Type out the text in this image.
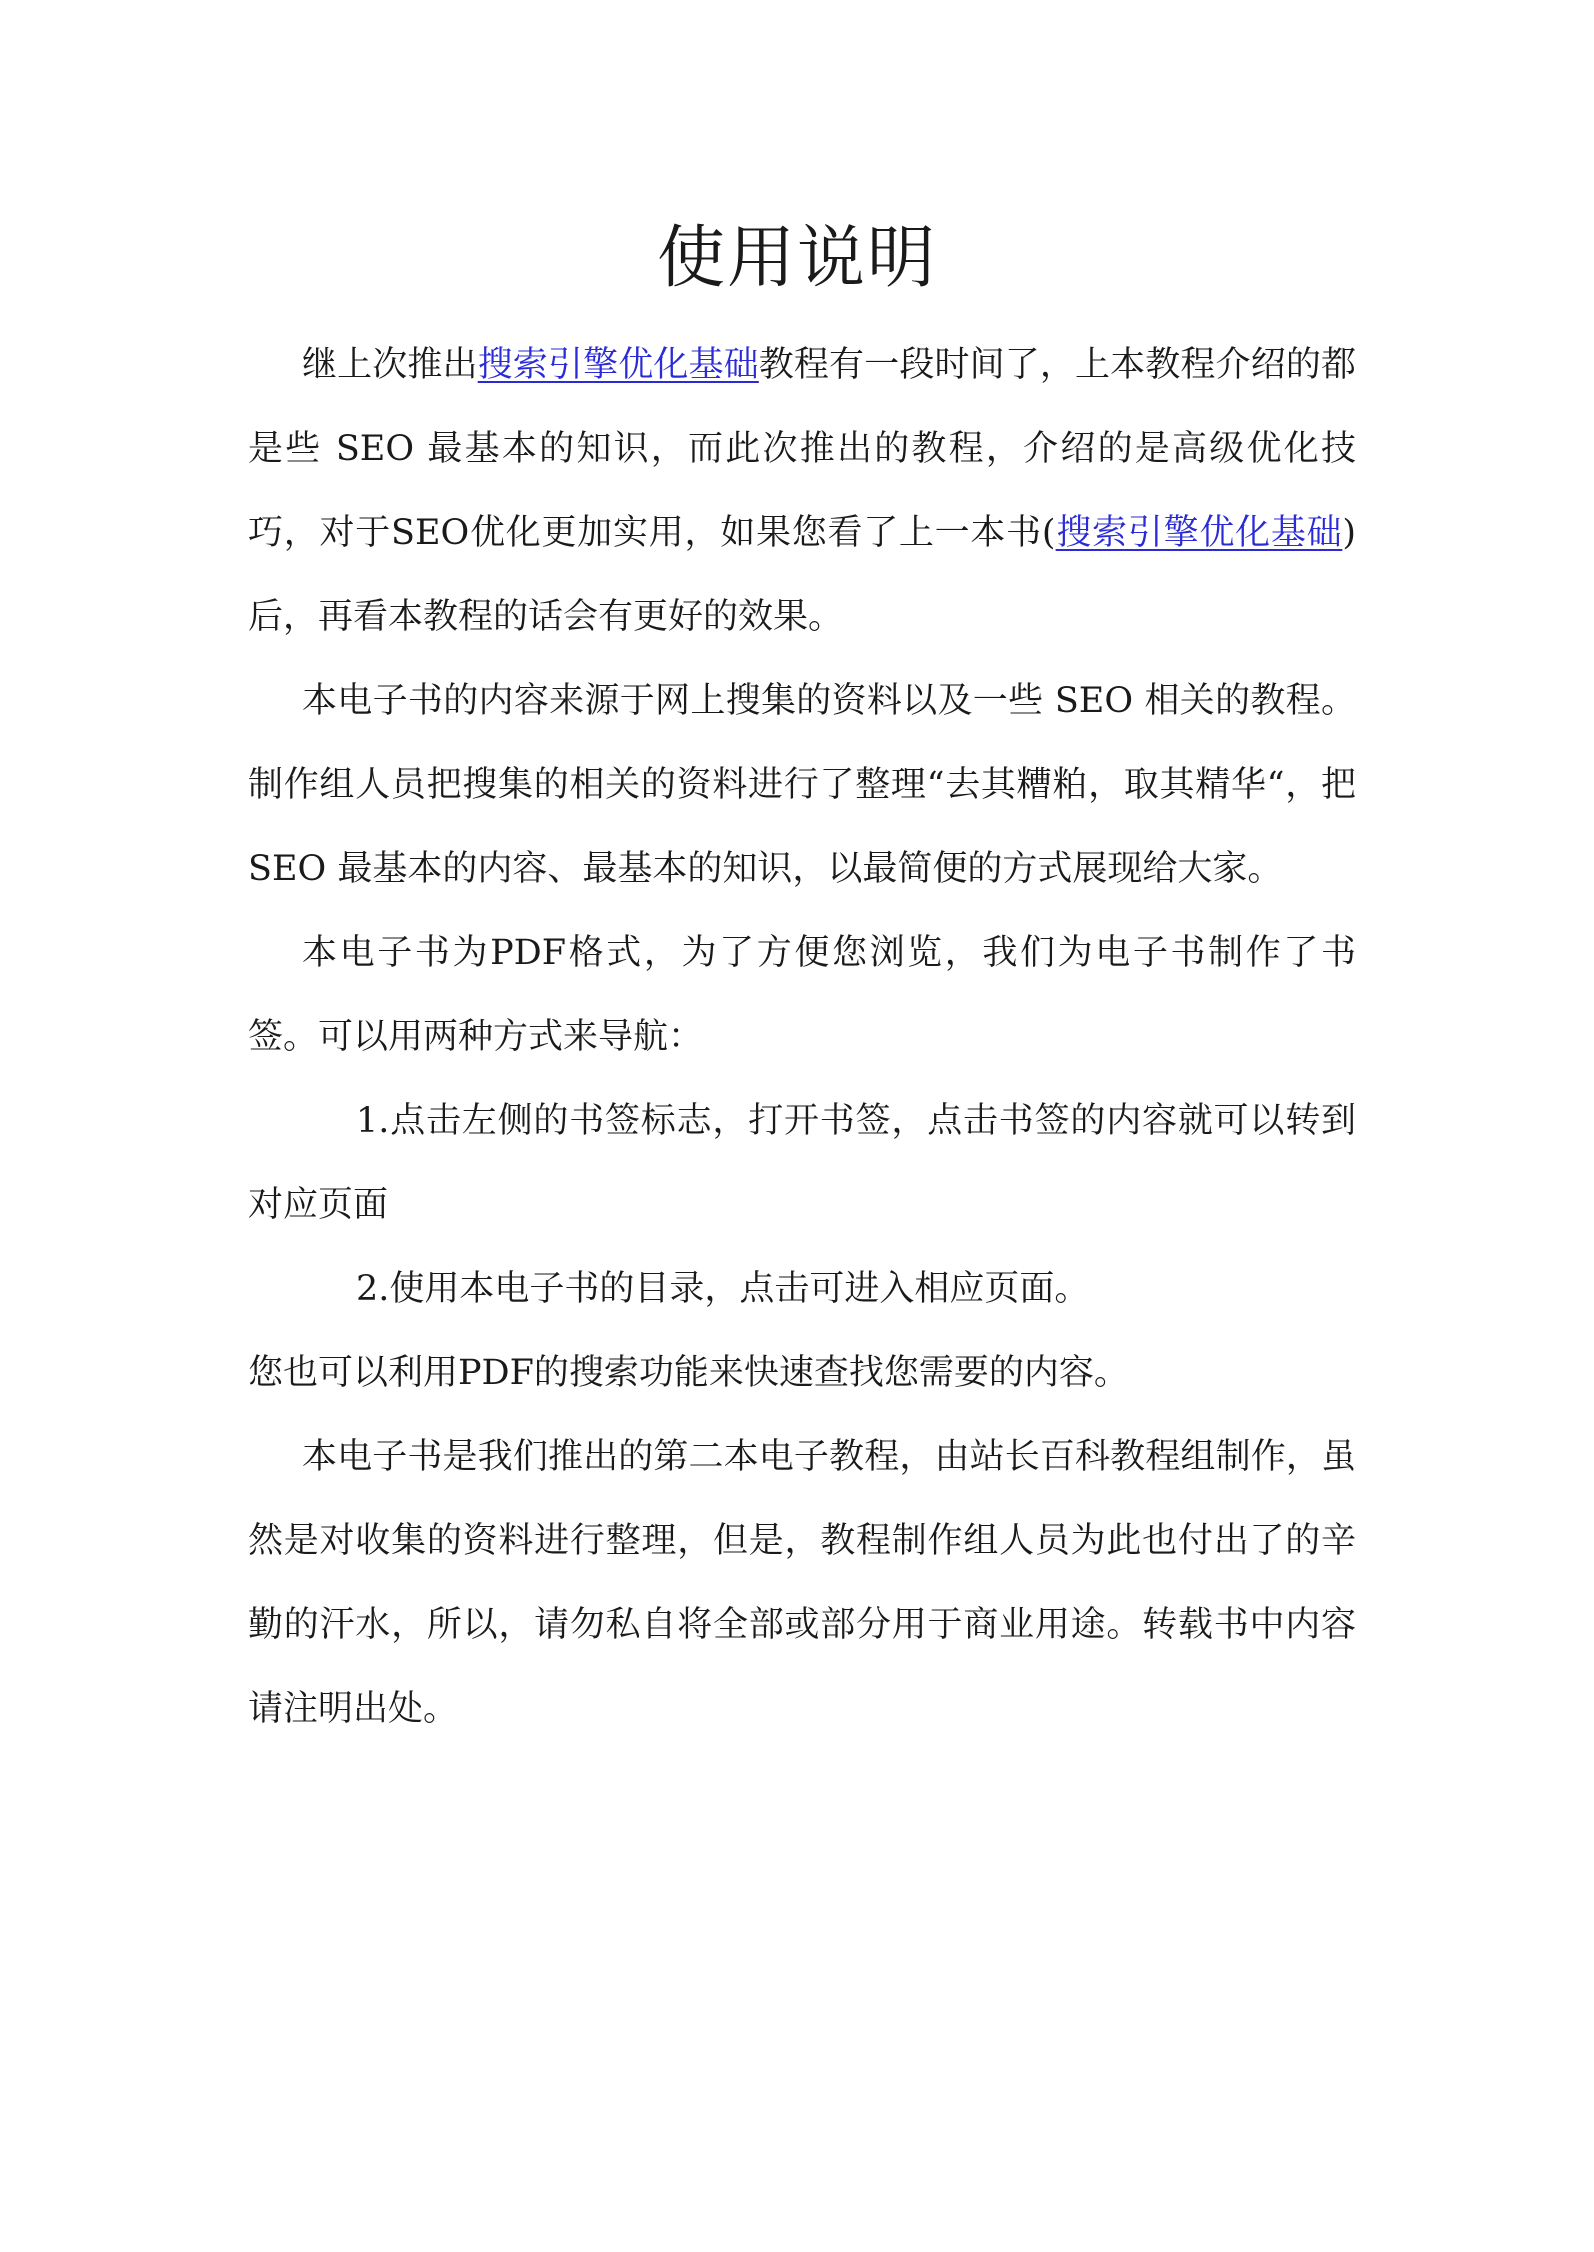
使用说明

继上次推出搜索引擎优化基础教程有一段时间了，上本教程介绍的都是些 SEO 最基本的知识，而此次推出的教程，介绍的是高级优化技巧，对于SEO优化更加实用，如果您看了上一本书(搜索引擎优化基础)后，再看本教程的话会有更好的效果。

本电子书的内容来源于网上搜集的资料以及一些 SEO 相关的教程。制作组人员把搜集的相关的资料进行了整理“去其糟粕，取其精华“，把 SEO 最基本的内容、最基本的知识，以最简便的方式展现给大家。

本电子书为PDF格式，为了方便您浏览，我们为电子书制作了书签。可以用两种方式来导航：

1.点击左侧的书签标志，打开书签，点击书签的内容就可以转到对应页面

2.使用本电子书的目录，点击可进入相应页面。

您也可以利用PDF的搜索功能来快速查找您需要的内容。

本电子书是我们推出的第二本电子教程，由站长百科教程组制作，虽然是对收集的资料进行整理，但是，教程制作组人员为此也付出了的辛勤的汗水，所以，请勿私自将全部或部分用于商业用途。转载书中内容请注明出处。
